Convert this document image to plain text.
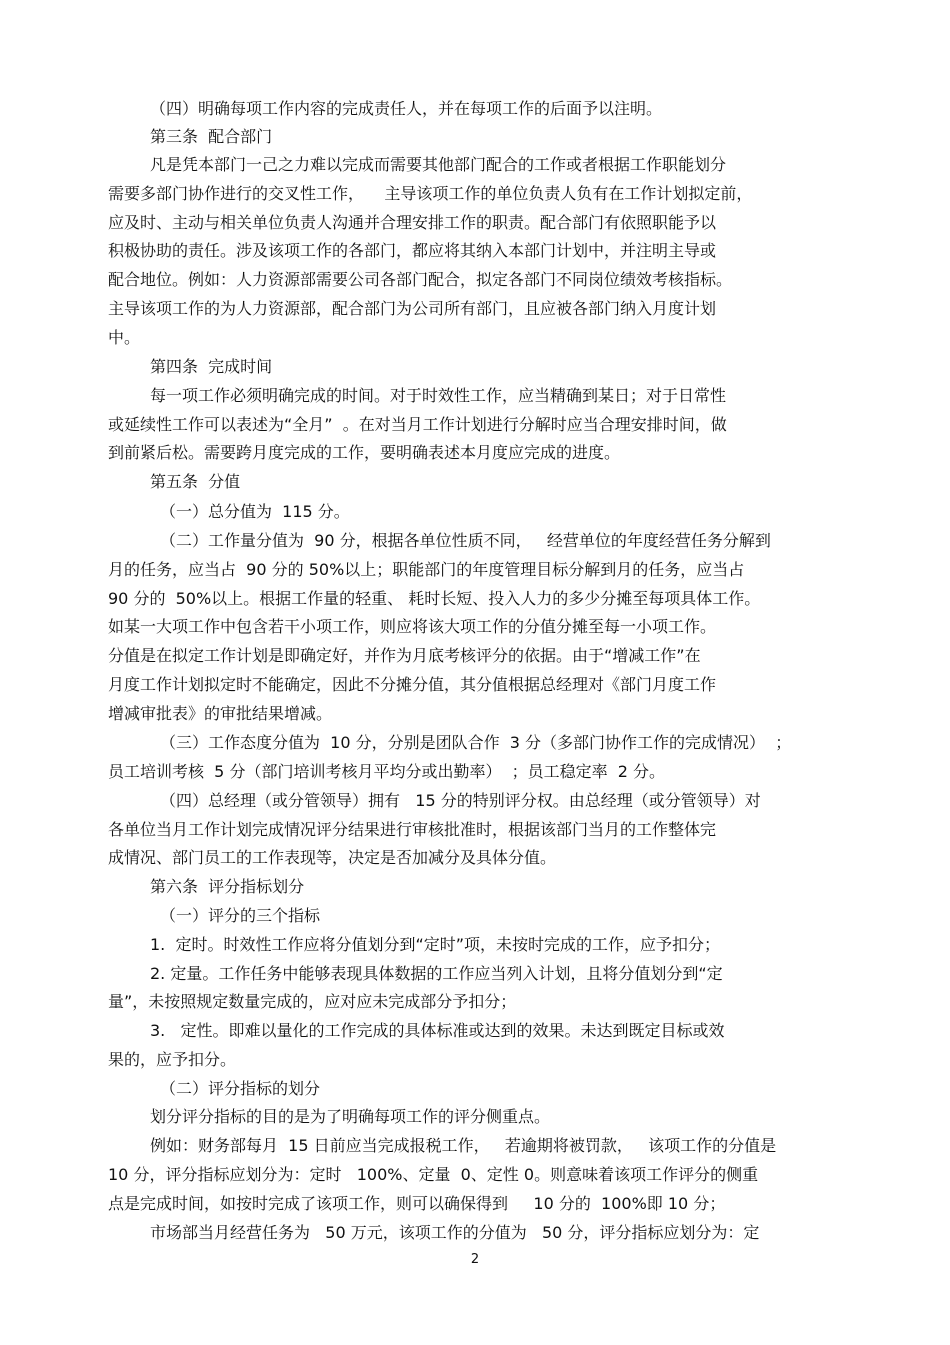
（四）明确每项工作内容的完成责任人，并在每项工作的后面予以注明。
第三条  配合部门
凡是凭本部门一己之力难以完成而需要其他部门配合的工作或者根据工作职能划分
需要多部门协作进行的交叉性工作，    主导该项工作的单位负责人负有在工作计划拟定前，
应及时、主动与相关单位负责人沟通并合理安排工作的职责。配合部门有依照职能予以
积极协助的责任。涉及该项工作的各部门，都应将其纳入本部门计划中，并注明主导或
配合地位。例如：人力资源部需要公司各部门配合，拟定各部门不同岗位绩效考核指标。
主导该项工作的为人力资源部，配合部门为公司所有部门，且应被各部门纳入月度计划
中。
第四条  完成时间
每一项工作必须明确完成的时间。对于时效性工作，应当精确到某日；对于日常性
或延续性工作可以表述为“全月”  。在对当月工作计划进行分解时应当合理安排时间，做
到前紧后松。需要跨月度完成的工作，要明确表述本月度应完成的进度。
第五条  分值
（一）总分值为  115 分。
（二）工作量分值为  90 分，根据各单位性质不同，   经营单位的年度经营任务分解到
月的任务，应当占  90 分的 50%以上；职能部门的年度管理目标分解到月的任务，应当占
90 分的  50%以上。根据工作量的轻重、 耗时长短、投入人力的多少分摊至每项具体工作。
如某一大项工作中包含若干小项工作，则应将该大项工作的分值分摊至每一小项工作。
分值是在拟定工作计划是即确定好，并作为月底考核评分的依据。由于“增减工作”在
月度工作计划拟定时不能确定，因此不分摊分值，其分值根据总经理对《部门月度工作
增减审批表》的审批结果增减。
（三）工作态度分值为  10 分，分别是团队合作  3 分（多部门协作工作的完成情况）  ；
员工培训考核  5 分（部门培训考核月平均分或出勤率）  ；员工稳定率  2 分。
（四）总经理（或分管领导）拥有   15 分的特别评分权。由总经理（或分管领导）对
各单位当月工作计划完成情况评分结果进行审核批准时，根据该部门当月的工作整体完
成情况、部门员工的工作表现等，决定是否加减分及具体分值。
第六条  评分指标划分
（一）评分的三个指标
1.  定时。时效性工作应将分值划分到“定时”项，未按时完成的工作，应予扣分；
2. 定量。工作任务中能够表现具体数据的工作应当列入计划，且将分值划分到“定
量”，未按照规定数量完成的，应对应未完成部分予扣分；
3.   定性。即难以量化的工作完成的具体标准或达到的效果。未达到既定目标或效
果的，应予扣分。
（二）评分指标的划分
划分评分指标的目的是为了明确每项工作的评分侧重点。
例如：财务部每月  15 日前应当完成报税工作，   若逾期将被罚款，   该项工作的分值是
10 分，评分指标应划分为：定时   100%、定量  0、定性 0。则意味着该项工作评分的侧重
点是完成时间，如按时完成了该项工作，则可以确保得到     10 分的  100%即 10 分；
市场部当月经营任务为   50 万元，该项工作的分值为   50 分，评分指标应划分为：定
2
